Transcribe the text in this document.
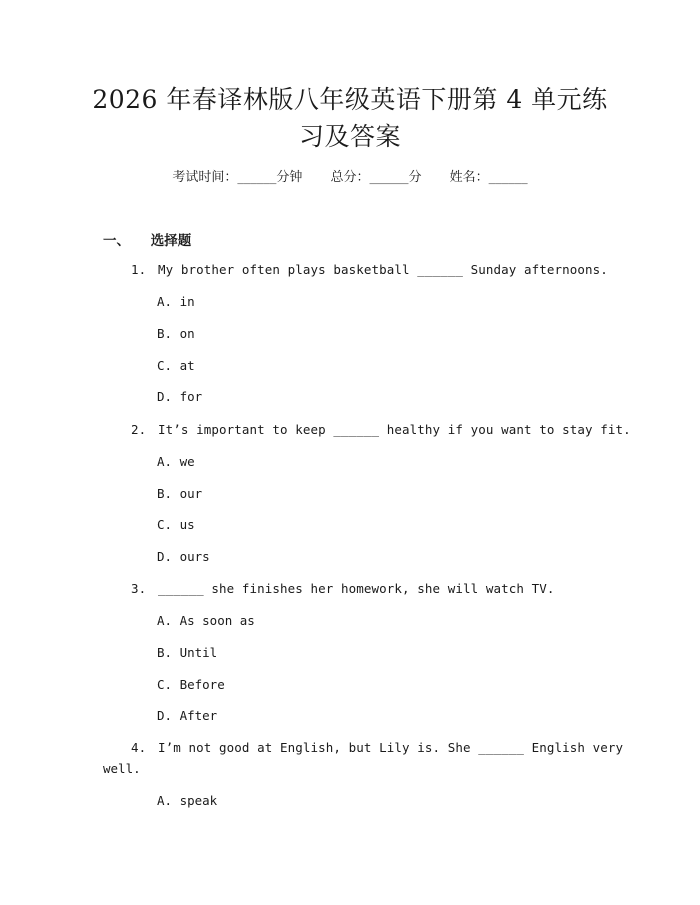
2026 年春译林版八年级英语下册第 4 单元练
习及答案
考试时间：______分钟 总分：______分 姓名：______
一、 选择题
1. My brother often plays basketball ______ Sunday afternoons.
A. in
B. on
C. at
D. for
2. It’s important to keep ______ healthy if you want to stay fit.
A. we
B. our
C. us
D. ours
3. ______ she finishes her homework, she will watch TV.
A. As soon as
B. Until
C. Before
D. After
4. I’m not good at English, but Lily is. She ______ English very
well.
A. speak
